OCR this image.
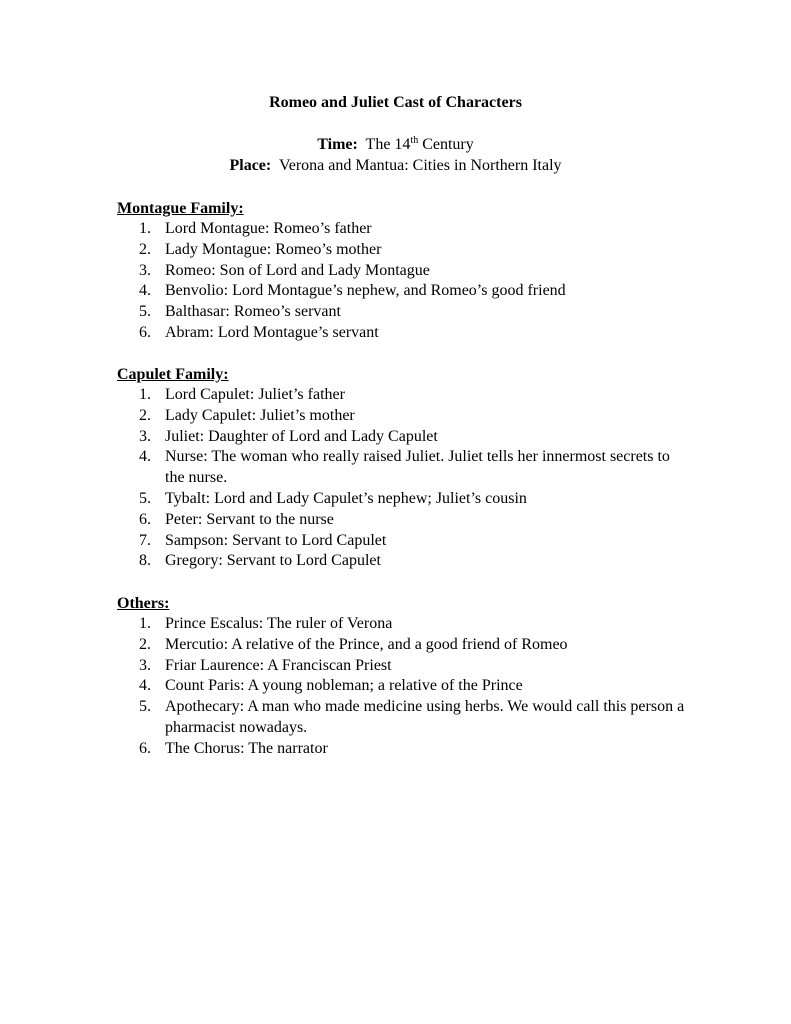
Romeo and Juliet Cast of Characters

Time: The 14th Century

Place: Verona and Mantua: Cities in Northern Italy

Montague Family:
1. Lord Montague: Romeo’s father
2. Lady Montague: Romeo’s mother
3. Romeo: Son of Lord and Lady Montague
4. Benvolio: Lord Montague’s nephew, and Romeo’s good friend
5. Balthasar: Romeo’s servant
6. Abram: Lord Montague’s servant
Capulet Family:
1. Lord Capulet: Juliet’s father
2. Lady Capulet: Juliet’s mother
3. Juliet: Daughter of Lord and Lady Capulet
4. Nurse: The woman who really raised Juliet. Juliet tells her innermost secrets to the nurse.
5. Tybalt: Lord and Lady Capulet’s nephew; Juliet’s cousin
6. Peter: Servant to the nurse
7. Sampson: Servant to Lord Capulet
8. Gregory: Servant to Lord Capulet
Others:
1. Prince Escalus: The ruler of Verona
2. Mercutio: A relative of the Prince, and a good friend of Romeo
3. Friar Laurence: A Franciscan Priest
4. Count Paris: A young nobleman; a relative of the Prince
5. Apothecary: A man who made medicine using herbs. We would call this person a pharmacist nowadays.
6. The Chorus: The narrator
